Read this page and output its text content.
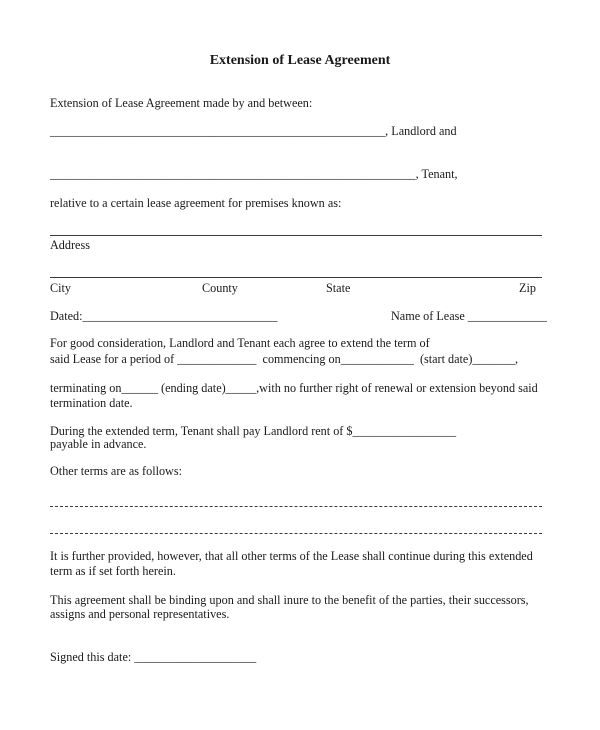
Extension of Lease Agreement

Extension of Lease Agreement made by and between:

_______________________________________________________, Landlord and

____________________________________________________________, Tenant,

relative to a certain lease agreement for premises known as:

Address

City	County	State	Zip

Dated:________________________________	Name of Lease _____________

For good consideration, Landlord and Tenant each agree to extend the term of

said Lease for a period of _____________  commencing on____________  (start date)_______,

terminating on______ (ending date)_____,with no further right of renewal or extension beyond said

termination date.

During the extended term, Tenant shall pay Landlord rent of $_________________

payable in advance.

Other terms are as follows:

It is further provided, however, that all other terms of the Lease shall continue during this extended

term as if set forth herein.

This agreement shall be binding upon and shall inure to the benefit of the parties, their successors,

assigns and personal representatives.

Signed this date: ____________________
